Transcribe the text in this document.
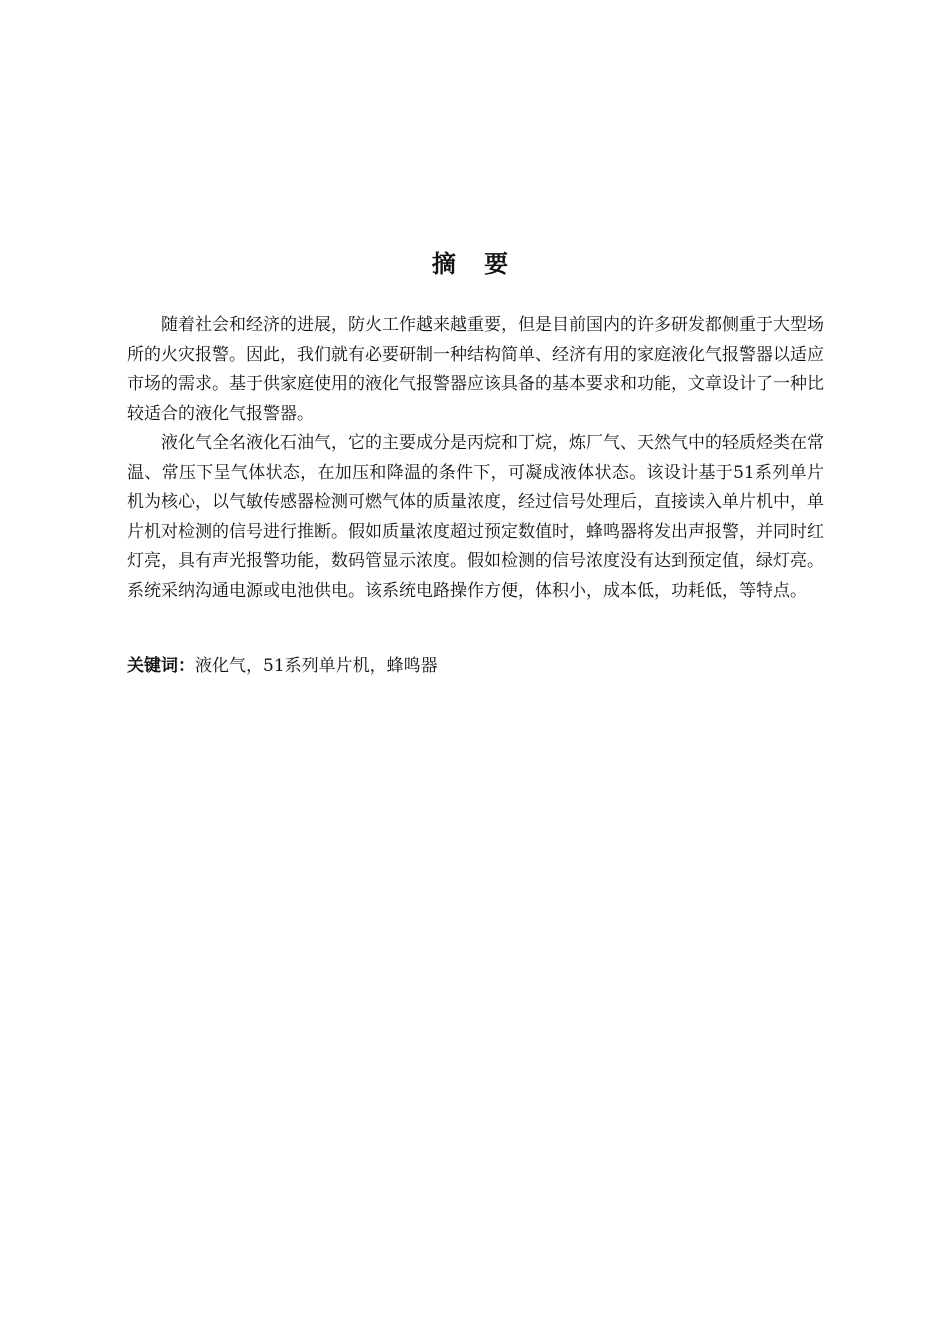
摘 要

随着社会和经济的进展，防火工作越来越重要，但是目前国内的许多研发都侧重于大型场所的火灾报警。因此，我们就有必要研制一种结构简单、经济有用的家庭液化气报警器以适应市场的需求。基于供家庭使用的液化气报警器应该具备的基本要求和功能，文章设计了一种比较适合的液化气报警器。

液化气全名液化石油气，它的主要成分是丙烷和丁烷，炼厂气、天然气中的轻质烃类在常温、常压下呈气体状态，在加压和降温的条件下，可凝成液体状态。该设计基于51系列单片机为核心，以气敏传感器检测可燃气体的质量浓度，经过信号处理后，直接读入单片机中，单片机对检测的信号进行推断。假如质量浓度超过预定数值时，蜂鸣器将发出声报警，并同时红灯亮，具有声光报警功能，数码管显示浓度。假如检测的信号浓度没有达到预定值，绿灯亮。系统采纳沟通电源或电池供电。该系统电路操作方便，体积小，成本低，功耗低，等特点。

关键词：液化气，51系列单片机，蜂鸣器
